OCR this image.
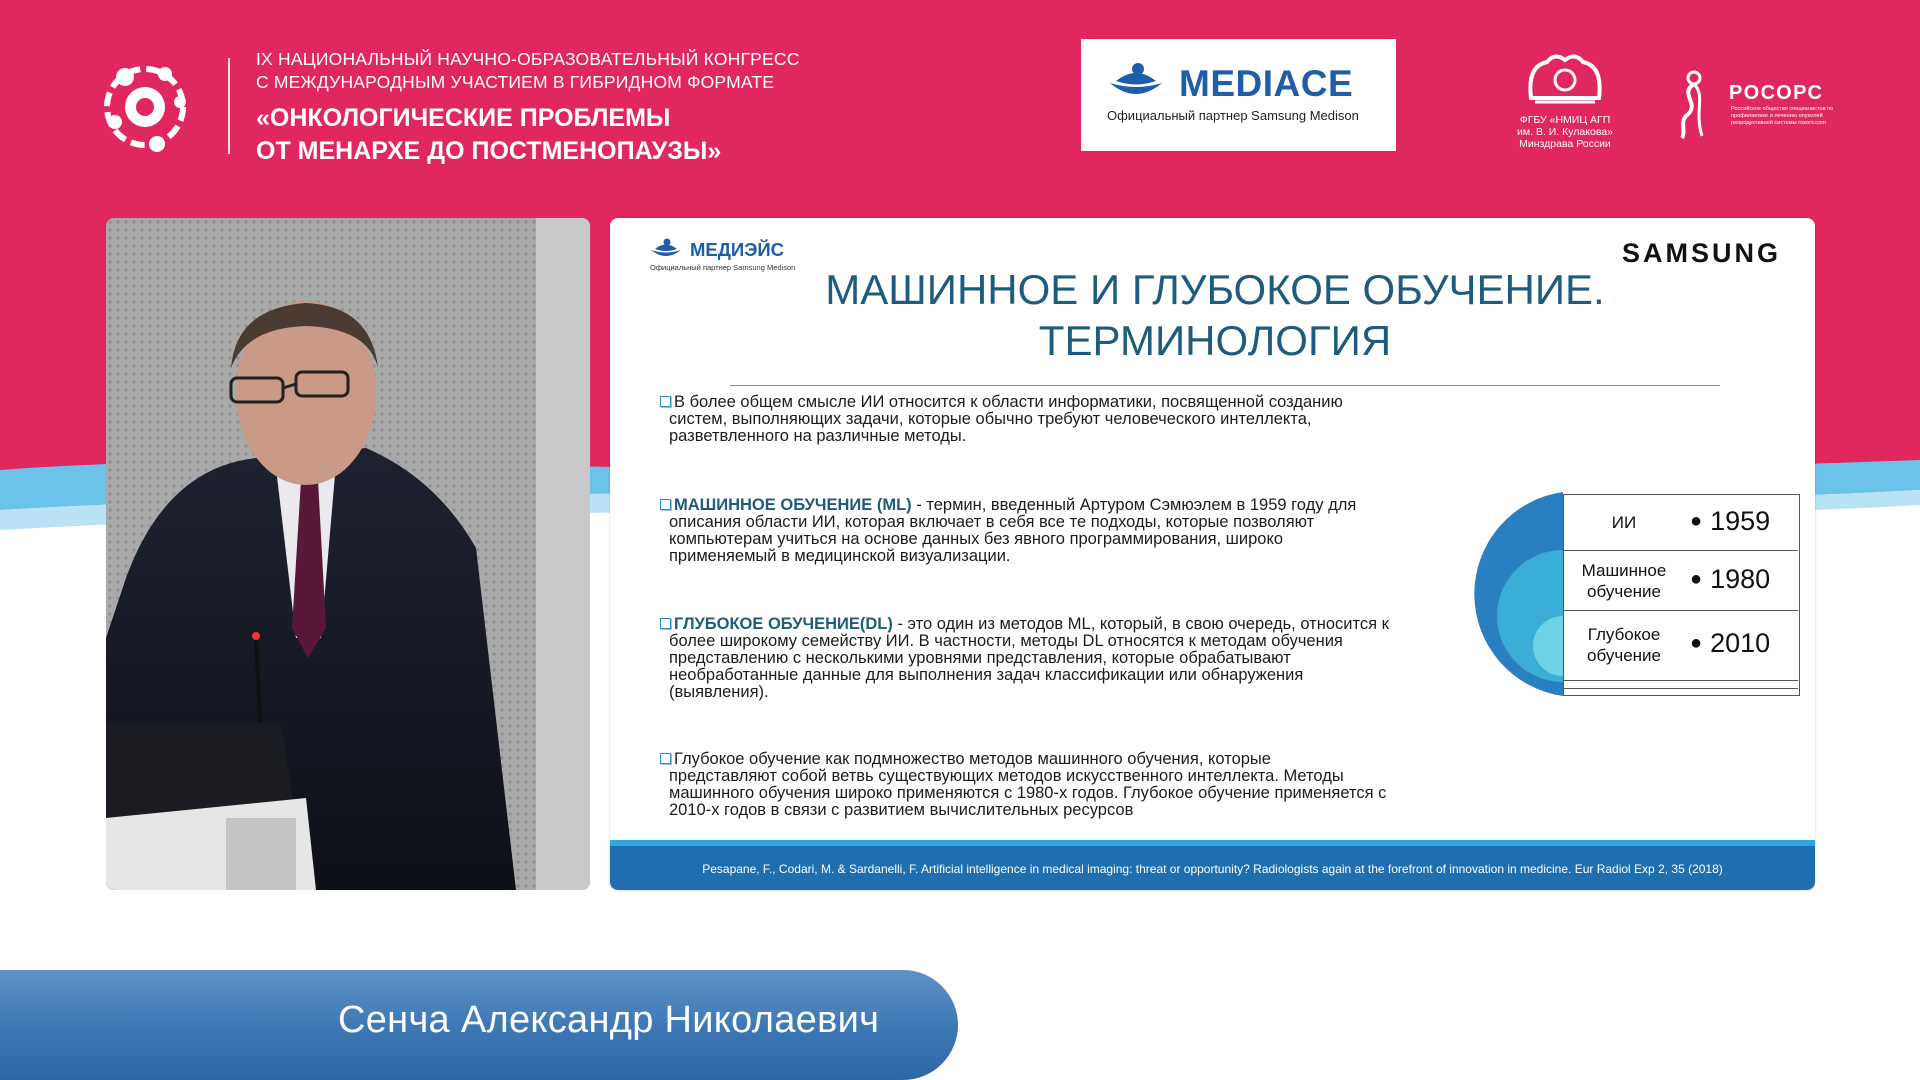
IX НАЦИОНАЛЬНЫЙ НАУЧНО-ОБРАЗОВАТЕЛЬНЫЙ КОНГРЕСС
С МЕЖДУНАРОДНЫМ УЧАСТИЕМ В ГИБРИДНОМ ФОРМАТЕ
«ОНКОЛОГИЧЕСКИЕ ПРОБЛЕМЫ
ОТ МЕНАРХЕ ДО ПОСТМЕНОПАУЗЫ»
MEDIACE
Официальный партнер Samsung Medison	ФГБУ «НМИЦ АГП
им. В. И. Кулакова»
Минздрава России
РОСОРС
Российское общество специалистов по профилактике и лечению опухолей репродуктивной системы rosors.com
МЕДИЭЙС
Официальный партнер Samsung Medison	SAMSUNG
МАШИННОЕ И ГЛУБОКОЕ ОБУЧЕНИЕ.
ТЕРМИНОЛОГИЯ
В более общем смысле ИИ относится к области информатики, посвященной созданию
систем, выполняющих задачи, которые обычно требуют человеческого интеллекта,
разветвленного на различные методы.
МАШИННОЕ ОБУЧЕНИЕ (ML) - термин, введенный Артуром Сэмюэлем в 1959 году для
описания области ИИ, которая включает в себя все те подходы, которые позволяют
компьютерам учиться на основе данных без явного программирования, широко
применяемый в медицинской визуализации.
ГЛУБОКОЕ ОБУЧЕНИЕ(DL) - это один из методов ML, который, в свою очередь, относится к
более широкому семейству ИИ. В частности, методы DL относятся к методам обучения
представлению с несколькими уровнями представления, которые обрабатывают
необработанные данные для выполнения задач классификации или обнаружения
(выявления).
Глубокое обучение как подмножество методов машинного обучения, которые
представляют собой ветвь существующих методов искусственного интеллекта. Методы
машинного обучения широко применяются с 1980-х годов. Глубокое обучение применяется с
2010-х годов в связи с развитием вычислительных ресурсов
ИИ	● 1959
Машинное
обучение
● 1980
Глубокое
обучение
● 2010
Pesapane, F., Codari, M. & Sardanelli, F. Artificial intelligence in medical imaging: threat or opportunity? Radiologists again at the forefront of innovation in medicine. Eur Radiol Exp 2, 35 (2018)
Сенча Александр Николаевич
